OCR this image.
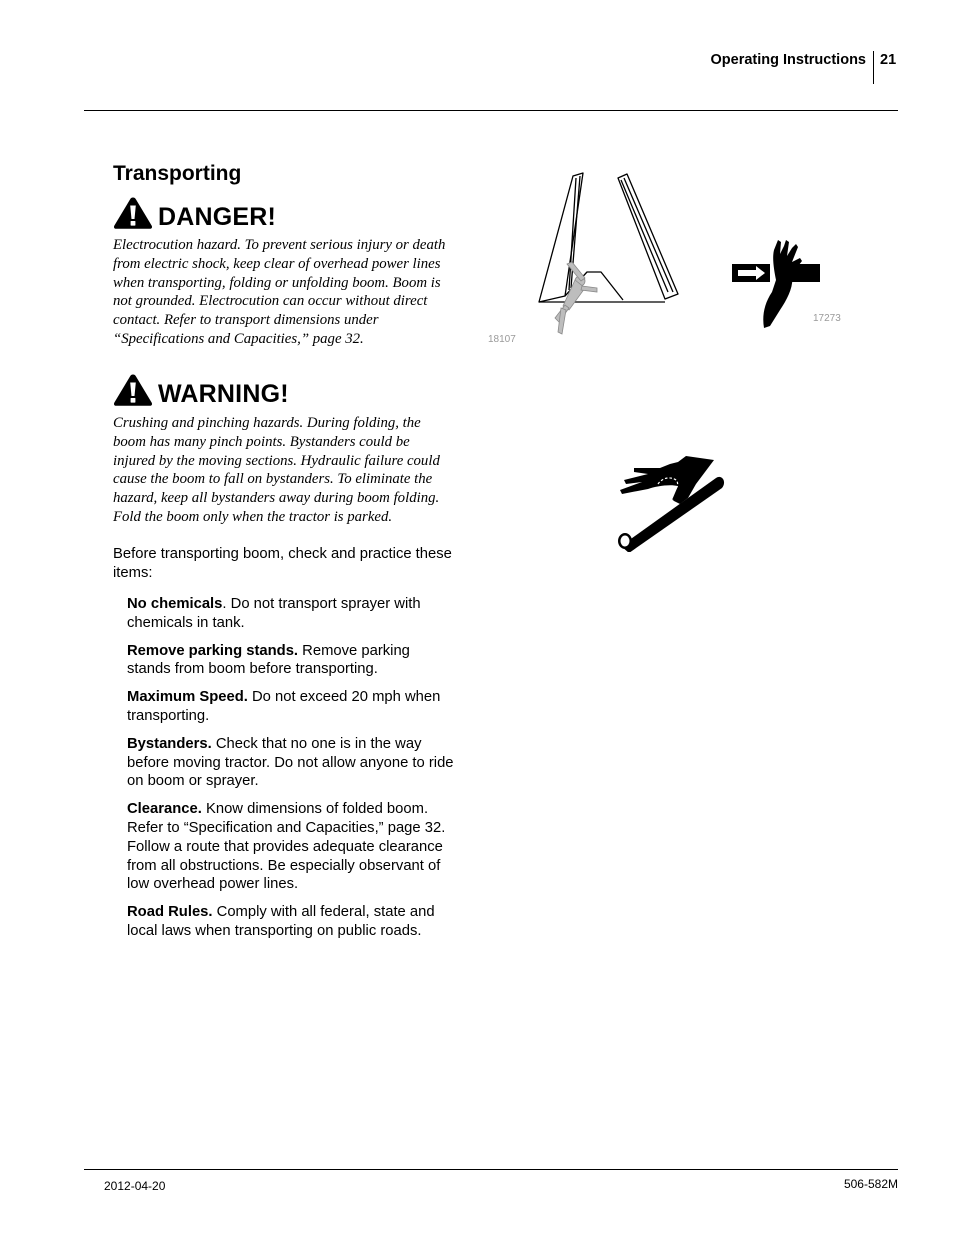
Operating Instructions 21
Transporting
DANGER!

Electrocution hazard. To prevent serious injury or death from electric shock, keep clear of overhead power lines when transporting, folding or unfolding boom. Boom is not grounded. Electrocution can occur without direct contact. Refer to transport dimensions under “Specifications and Capacities,” page 32.

WARNING!

Crushing and pinching hazards. During folding, the boom has many pinch points. Bystanders could be injured by the moving sections. Hydraulic failure could cause the boom to fall on bystanders. To eliminate the hazard, keep all bystanders away during boom folding. Fold the boom only when the tractor is parked.

Before transporting boom, check and practice these items:

No chemicals. Do not transport sprayer with chemicals in tank.
Remove parking stands. Remove parking stands from boom before transporting.
Maximum Speed. Do not exceed 20 mph when transporting.
Bystanders. Check that no one is in the way before moving tractor. Do not allow anyone to ride on boom or sprayer.
Clearance. Know dimensions of folded boom. Refer to “Specification and Capacities,” page 32. Follow a route that provides adequate clearance from all obstructions. Be especially observant of low overhead power lines.
Road Rules. Comply with all federal, state and local laws when transporting on public roads.
18107
17273
2012-04-20	506-582M
